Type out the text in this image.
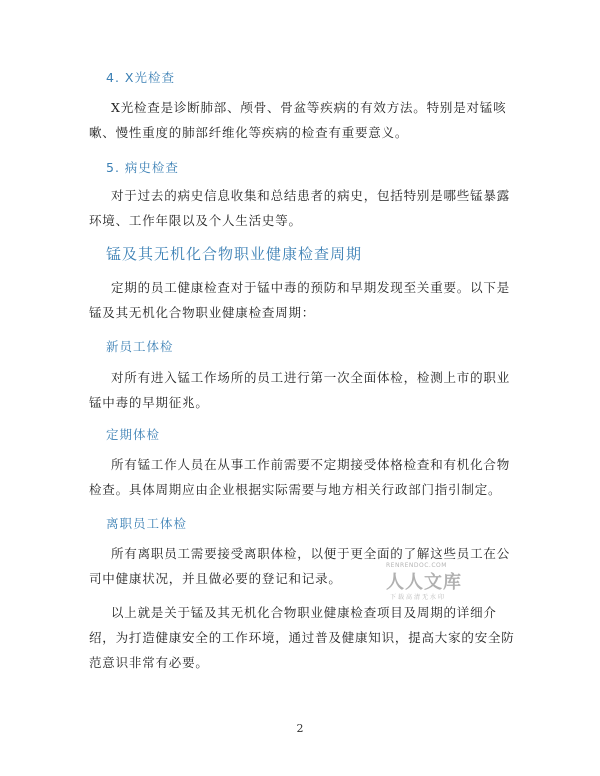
4. X光检查
X光检查是诊断肺部、颅骨、骨盆等疾病的有效方法。特别是对锰咳嗽、慢性重度的肺部纤维化等疾病的检查有重要意义。
5. 病史检查
对于过去的病史信息收集和总结患者的病史，包括特别是哪些锰暴露环境、工作年限以及个人生活史等。
锰及其无机化合物职业健康检查周期
定期的员工健康检查对于锰中毒的预防和早期发现至关重要。以下是锰及其无机化合物职业健康检查周期：
新员工体检
对所有进入锰工作场所的员工进行第一次全面体检，检测上市的职业锰中毒的早期征兆。
定期体检
所有锰工作人员在从事工作前需要不定期接受体格检查和有机化合物检查。具体周期应由企业根据实际需要与地方相关行政部门指引制定。
离职员工体检
所有离职员工需要接受离职体检，以便于更全面的了解这些员工在公司中健康状况，并且做必要的登记和记录。
以上就是关于锰及其无机化合物职业健康检查项目及周期的详细介绍，为打造健康安全的工作环境，通过普及健康知识，提高大家的安全防范意识非常有必要。
RENRENDOC.COM
人人文库
下载高清无水印
2
